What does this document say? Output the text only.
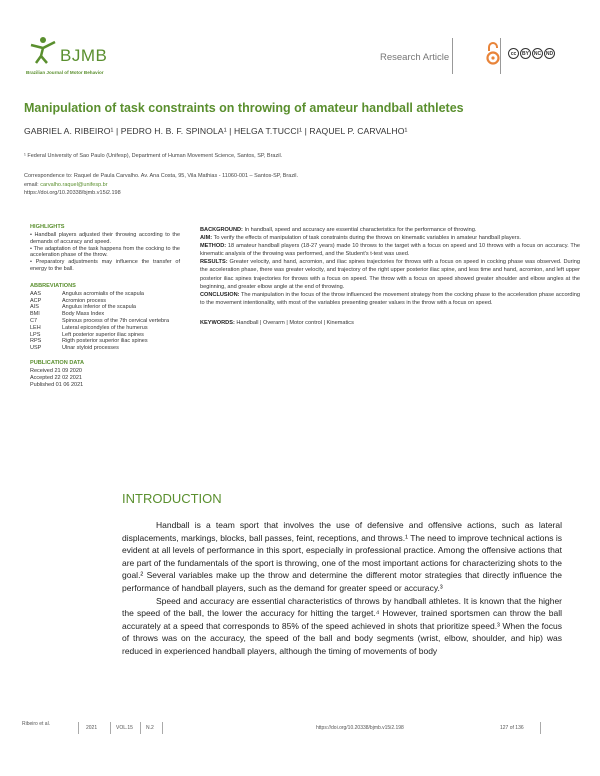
BJMB
Brazilian Journal of Motor Behavior
Research Article	cc	BY NC ND
Manipulation of task constraints on throwing of amateur handball athletes
GABRIEL A. RIBEIRO¹ | PEDRO H. B. F. SPINOLA¹ | HELGA T.TUCCI¹ | RAQUEL P. CARVALHO¹
¹ Federal University of Sao Paulo (Unifesp), Department of Human Movement Science, Santos, SP, Brazil.
Correspondence to: Raquel de Paula Carvalho. Av. Ana Costa, 95, Vila Mathias - 11060-001 – Santos-SP, Brazil.
email: carvalho.raquel@unifesp.br
https://doi.org/10.20338/bjmb.v15i2.198
HIGHLIGHTS
• Handball players adjusted their throwing according to the demands of accuracy and speed.
• The adaptation of the task happens from the cocking to the acceleration phase of the throw.
• Preparatory adjustments may influence the transfer of energy to the ball.
ABBREVIATIONS
AAS	Angulus acromialis of the scapula
ACP	Acromion process
AIS	Angulus inferior of the scapula
BMI	Body Mass Index
C7	Spinous process of the 7th cervical vertebra
LEH	Lateral epicondyles of the humerus
LPS	Left posterior superior iliac spines
RPS	Rigth posterior superior iliac spines
USP	Ulnar styloid processes
PUBLICATION DATA
Received 21 09 2020
Accepted 22 02 2021
Published 01 06 2021

BACKGROUND: In handball, speed and accuracy are essential characteristics for the performance of throwing.

AIM: To verify the effects of manipulation of task constraints during the throws on kinematic variables in amateur handball players.

METHOD: 18 amateur handball players (18-27 years) made 10 throws to the target with a focus on speed and 10 throws with a focus on accuracy. The kinematic analysis of the throwing was performed, and the Student's t-test was used.

RESULTS: Greater velocity, and hand, acromion, and iliac spines trajectories for throws with a focus on speed in cocking phase was observed. During the acceleration phase, there was greater velocity, and trajectory of the right upper posterior iliac spine, and less time and hand, acromion, and left upper posterior iliac spines trajectories for throws with a focus on speed. The throw with a focus on speed showed greater shoulder and elbow angles at the beginning, and greater elbow angle at the end of throwing.

CONCLUSION: The manipulation in the focus of the throw influenced the movement strategy from the cocking phase to the acceleration phase according to the movement intentionality, with most of the variables presenting greater values in the throw with a focus on speed.

KEYWORDS: Handball | Overarm | Motor control | Kinematics

INTRODUCTION

Handball is a team sport that involves the use of defensive and offensive actions, such as lateral displacements, markings, blocks, ball passes, feint, receptions, and throws.¹ The need to improve technical actions is evident at all levels of performance in this sport, especially in professional practice. Among the offensive actions that are part of the fundamentals of the sport is throwing, one of the most important actions for characterizing shots to the goal.² Several variables make up the throw and determine the different motor strategies that directly influence the performance of handball players, such as the demand for greater speed or accuracy.³

Speed and accuracy are essential characteristics of throws by handball athletes. It is known that the higher the speed of the ball, the lower the accuracy for hitting the target.⁴ However, trained sportsmen can throw the ball accurately at a speed that corresponds to 85% of the speed achieved in shots that prioritize speed.³ When the focus of throws was on the accuracy, the speed of the ball and body segments (wrist, elbow, shoulder, and hip) was reduced in experienced handball players, although the timing of movements of body

Ribeiro et al.
2021	VOL.15	N.2	https://doi.org/10.20338/bjmb.v15i2.198	127 of 136
